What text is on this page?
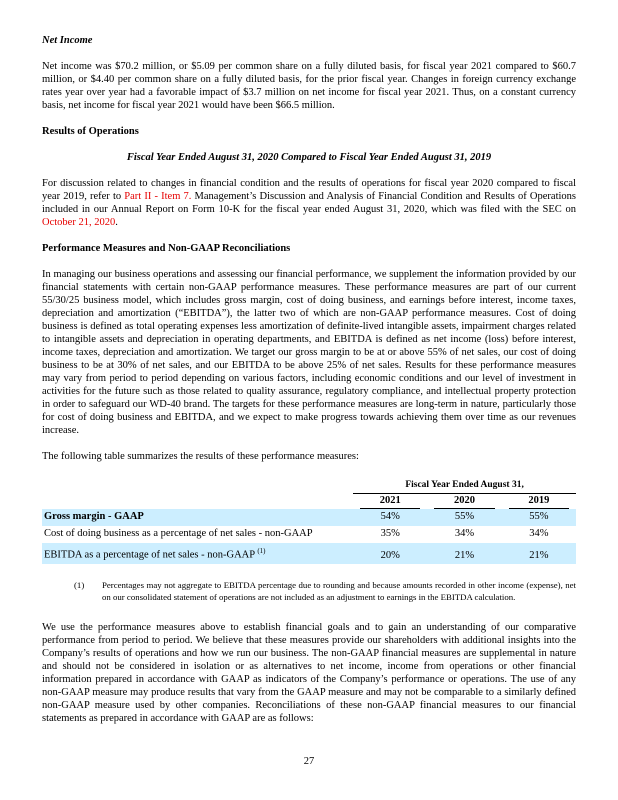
Net Income

Net income was $70.2 million, or $5.09 per common share on a fully diluted basis, for fiscal year 2021 compared to $60.7 million, or $4.40 per common share on a fully diluted basis, for the prior fiscal year. Changes in foreign currency exchange rates year over year had a favorable impact of $3.7 million on net income for fiscal year 2021. Thus, on a constant currency basis, net income for fiscal year 2021 would have been $66.5 million.

Results of Operations
Fiscal Year Ended August 31, 2020 Compared to Fiscal Year Ended August 31, 2019

For discussion related to changes in financial condition and the results of operations for fiscal year 2020 compared to fiscal year 2019, refer to Part II - Item 7. Management’s Discussion and Analysis of Financial Condition and Results of Operations included in our Annual Report on Form 10-K for the fiscal year ended August 31, 2020, which was filed with the SEC on October 21, 2020.

Performance Measures and Non-GAAP Reconciliations

In managing our business operations and assessing our financial performance, we supplement the information provided by our financial statements with certain non-GAAP performance measures. These performance measures are part of our current 55/30/25 business model, which includes gross margin, cost of doing business, and earnings before interest, income taxes, depreciation and amortization (“EBITDA”), the latter two of which are non-GAAP performance measures. Cost of doing business is defined as total operating expenses less amortization of definite-lived intangible assets, impairment charges related to intangible assets and depreciation in operating departments, and EBITDA is defined as net income (loss) before interest, income taxes, depreciation and amortization. We target our gross margin to be at or above 55% of net sales, our cost of doing business to be at 30% of net sales, and our EBITDA to be above 25% of net sales. Results for these performance measures may vary from period to period depending on various factors, including economic conditions and our level of investment in activities for the future such as those related to quality assurance, regulatory compliance, and intellectual property protection in order to safeguard our WD-40 brand. The targets for these performance measures are long-term in nature, particularly those for cost of doing business and EBITDA, and we expect to make progress towards achieving them over time as our revenues increase.

The following table summarizes the results of these performance measures:

	Fiscal Year Ended August 31,		

	2021	2020	2019

Gross margin - GAAP	54%	55%	55%
Cost of doing business as a percentage of net sales - non-GAAP	35%	34%	34%
EBITDA as a percentage of net sales - non-GAAP $^{(1)}$	20%	21%	21%
(1)	Percentages may not aggregate to EBITDA percentage due to rounding and because amounts recorded in other income (expense), net on our consolidated statement of operations are not included as an adjustment to earnings in the EBITDA calculation.

We use the performance measures above to establish financial goals and to gain an understanding of our comparative performance from period to period. We believe that these measures provide our shareholders with additional insights into the Company’s results of operations and how we run our business. The non-GAAP financial measures are supplemental in nature and should not be considered in isolation or as alternatives to net income, income from operations or other financial information prepared in accordance with GAAP as indicators of the Company’s performance or operations. The use of any non-GAAP measure may produce results that vary from the GAAP measure and may not be comparable to a similarly defined non-GAAP measure used by other companies. Reconciliations of these non-GAAP financial measures to our financial statements as prepared in accordance with GAAP are as follows:

27
